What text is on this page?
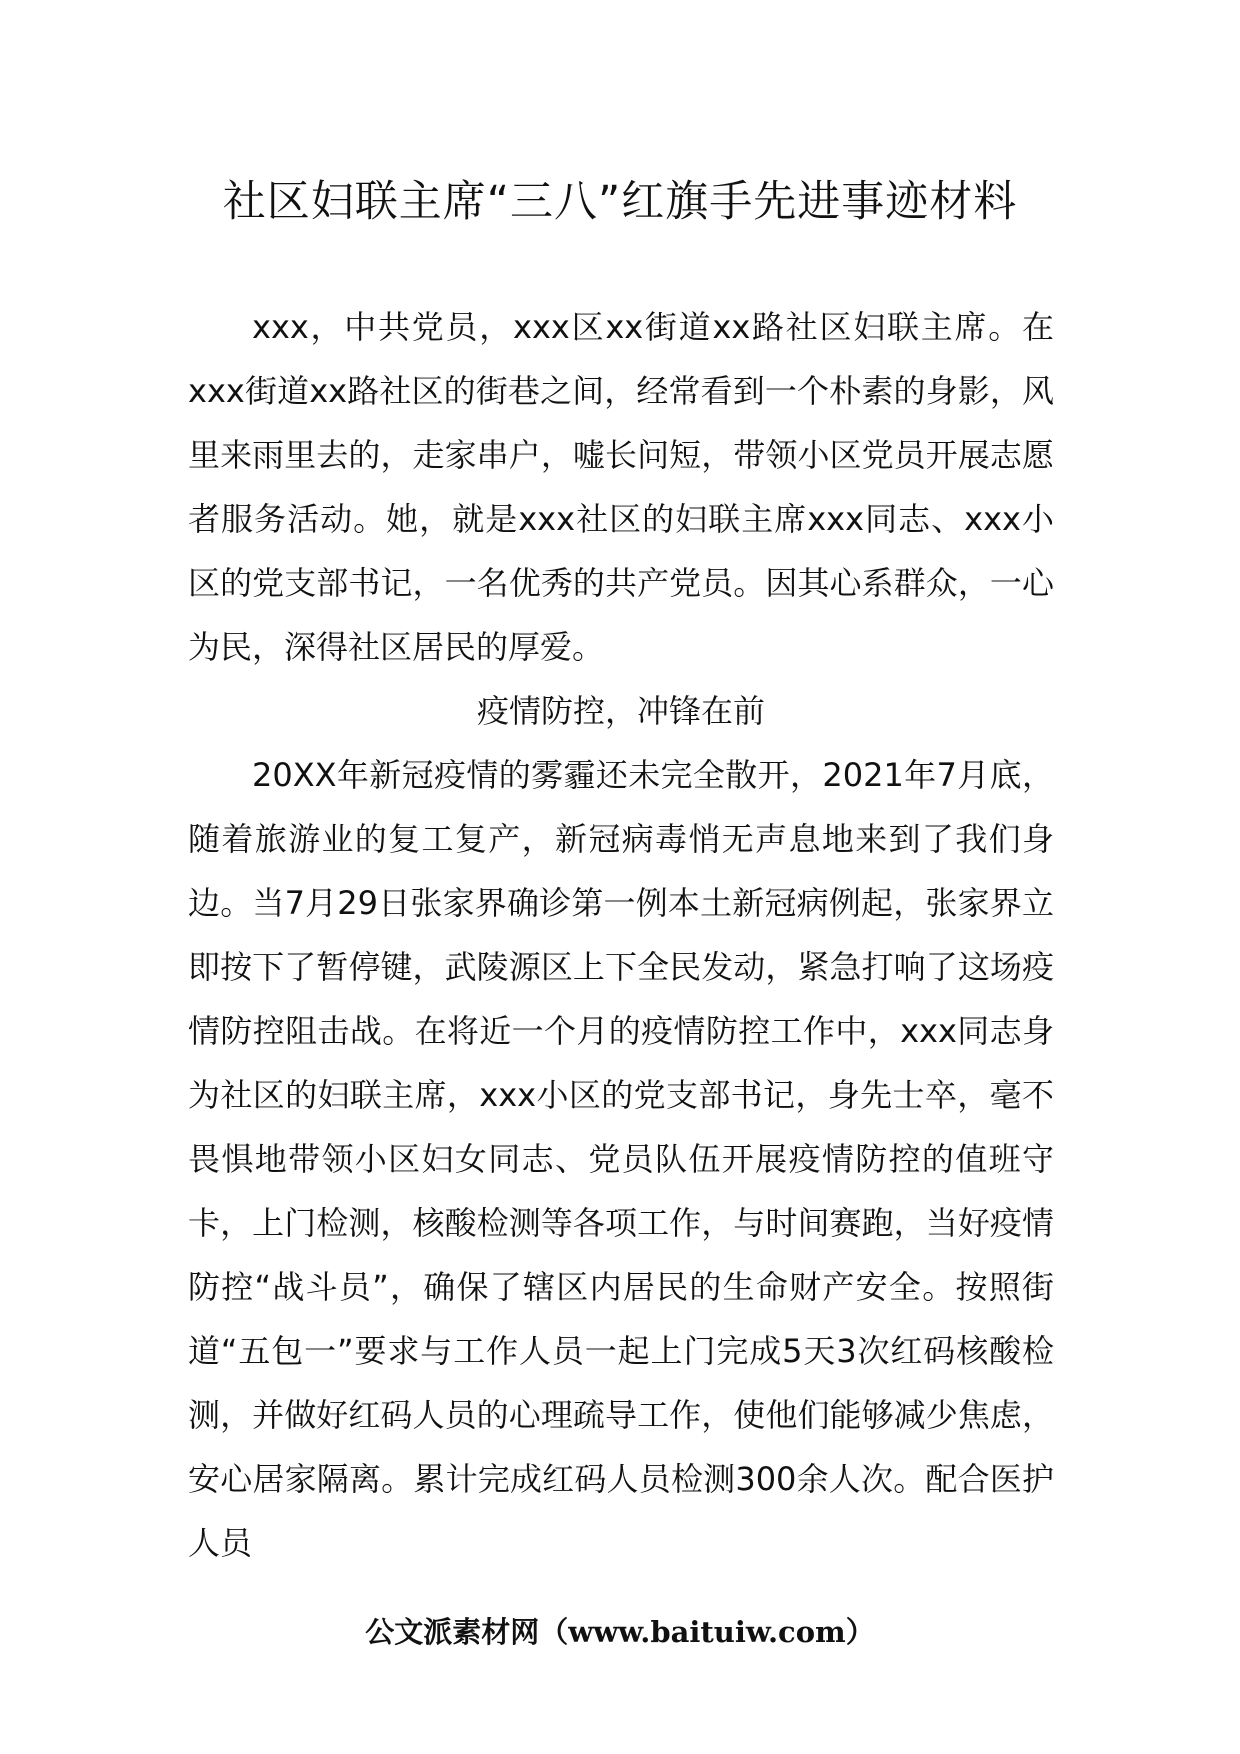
社区妇联主席“三八”红旗手先进事迹材料

xxx，中共党员，xxx区xx街道xx路社区妇联主席。在xxx街道xx路社区的街巷之间，经常看到一个朴素的身影，风里来雨里去的，走家串户，嘘长问短，带领小区党员开展志愿者服务活动。她，就是xxx社区的妇联主席xxx同志、xxx小区的党支部书记，一名优秀的共产党员。因其心系群众，一心为民，深得社区居民的厚爱。

疫情防控，冲锋在前

20XX年新冠疫情的雾霾还未完全散开，2021年7月底，随着旅游业的复工复产，新冠病毒悄无声息地来到了我们身边。当7月29日张家界确诊第一例本土新冠病例起，张家界立即按下了暂停键，武陵源区上下全民发动，紧急打响了这场疫情防控阻击战。在将近一个月的疫情防控工作中，xxx同志身为社区的妇联主席，xxx小区的党支部书记，身先士卒，毫不畏惧地带领小区妇女同志、党员队伍开展疫情防控的值班守卡，上门检测，核酸检测等各项工作，与时间赛跑，当好疫情防控“战斗员”，确保了辖区内居民的生命财产安全。按照街道“五包一”要求与工作人员一起上门完成5天3次红码核酸检测，并做好红码人员的心理疏导工作，使他们能够减少焦虑，安心居家隔离。累计完成红码人员检测300余人次。配合医护人员

公文派素材网（www.baituiw.com）
